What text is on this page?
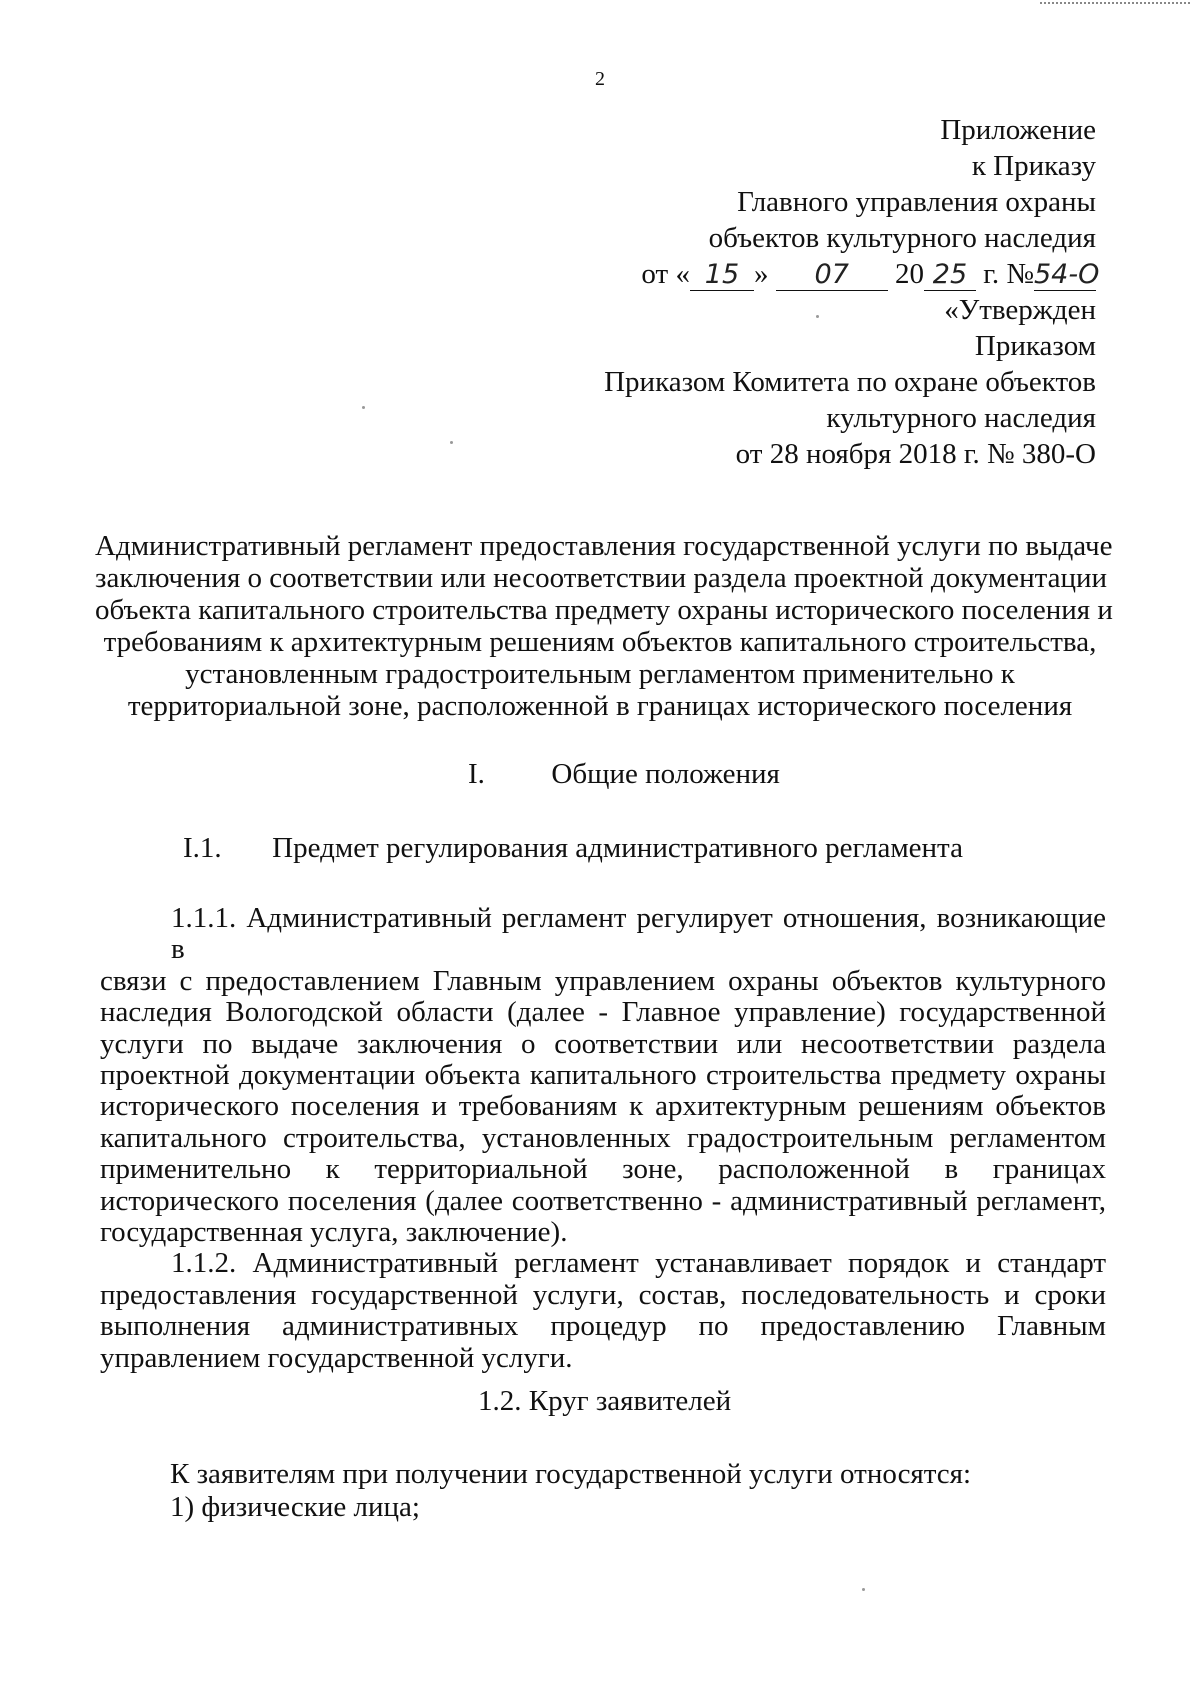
2
Приложение
к Приказу
Главного управления охраны
объектов культурного наследия
от « 15 » 07 20 25 г. №54-О
«Утвержден
Приказом
Приказом Комитета по охране объектов
культурного наследия
от 28 ноября 2018 г. № 380-О
Административный регламент предоставления государственной услуги по выдаче
заключения о соответствии или несоответствии раздела проектной документации
объекта капитального строительства предмету охраны исторического поселения и
требованиям к архитектурным решениям объектов капитального строительства,
установленным градостроительным регламентом применительно к
территориальной зоне, расположенной в границах исторического поселения
I. Общие положения
I.1. Предмет регулирования административного регламента
1.1.1. Административный регламент регулирует отношения, возникающие в
связи с предоставлением Главным управлением охраны объектов культурного
наследия Вологодской области (далее - Главное управление) государственной
услуги по выдаче заключения о соответствии или несоответствии раздела
проектной документации объекта капитального строительства предмету охраны
исторического поселения и требованиям к архитектурным решениям объектов
капитального строительства, установленных градостроительным регламентом
применительно к территориальной зоне, расположенной в границах
исторического поселения (далее соответственно - административный регламент,
государственная услуга, заключение).
1.1.2. Административный регламент устанавливает порядок и стандарт
предоставления государственной услуги, состав, последовательность и сроки
выполнения административных процедур по предоставлению Главным
управлением государственной услуги.
1.2. Круг заявителей
К заявителям при получении государственной услуги относятся:
1) физические лица;
